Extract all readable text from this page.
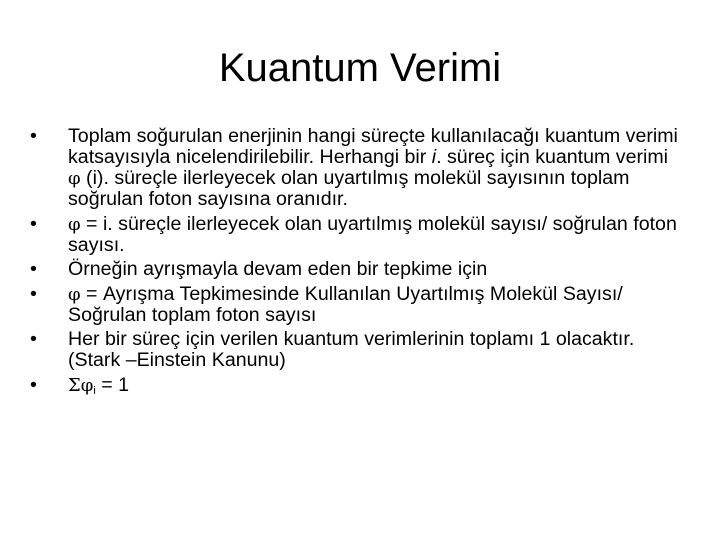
Kuantum Verimi
•	Toplam soğurulan enerjinin hangi süreçte kullanılacağı kuantum verimi katsayısıyla nicelendirilebilir. Herhangi bir i. süreç için kuantum verimi φ (i). süreçle ilerleyecek olan uyartılmış molekül sayısının toplam soğrulan foton sayısına oranıdır.
•	φ = i. süreçle ilerleyecek olan uyartılmış molekül sayısı/ soğrulan foton sayısı.
•	Örneğin ayrışmayla devam eden bir tepkime için
•	φ = Ayrışma Tepkimesinde Kullanılan Uyartılmış Molekül Sayısı/ Soğrulan toplam foton sayısı
•	Her bir süreç için verilen kuantum verimlerinin toplamı 1 olacaktır. (Stark –Einstein Kanunu)
•	$\Sigma\varphi_i = 1$
